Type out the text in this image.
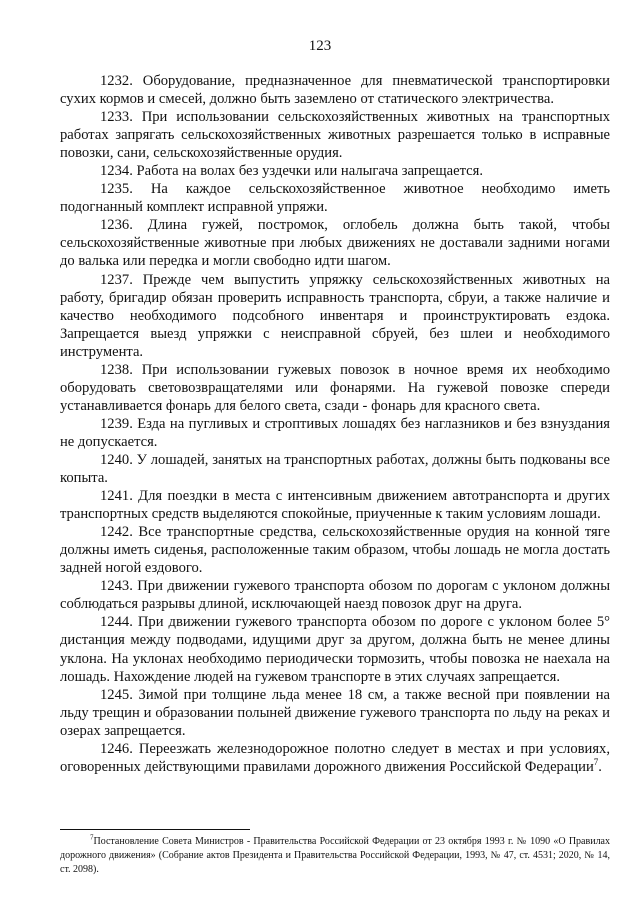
123

1232. Оборудование, предназначенное для пневматической транспортировки сухих кормов и смесей, должно быть заземлено от статического электричества.

1233. При использовании сельскохозяйственных животных на транспортных работах запрягать сельскохозяйственных животных разрешается только в исправные повозки, сани, сельскохозяйственные орудия.

1234. Работа на волах без уздечки или налыгача запрещается.

1235. На каждое сельскохозяйственное животное необходимо иметь подогнанный комплект исправной упряжи.

1236. Длина гужей, постромок, оглобель должна быть такой, чтобы сельскохозяйственные животные при любых движениях не доставали задними ногами до валька или передка и могли свободно идти шагом.

1237. Прежде чем выпустить упряжку сельскохозяйственных животных на работу, бригадир обязан проверить исправность транспорта, сбруи, а также наличие и качество необходимого подсобного инвентаря и проинструктировать ездока. Запрещается выезд упряжки с неисправной сбруей, без шлеи и необходимого инструмента.

1238. При использовании гужевых повозок в ночное время их необходимо оборудовать световозвращателями или фонарями. На гужевой повозке спереди устанавливается фонарь для белого света, сзади - фонарь для красного света.

1239. Езда на пугливых и строптивых лошадях без наглазников и без взнуздания не допускается.

1240. У лошадей, занятых на транспортных работах, должны быть подкованы все копыта.

1241. Для поездки в места с интенсивным движением автотранспорта и других транспортных средств выделяются спокойные, приученные к таким условиям лошади.

1242. Все транспортные средства, сельскохозяйственные орудия на конной тяге должны иметь сиденья, расположенные таким образом, чтобы лошадь не могла достать задней ногой ездового.

1243. При движении гужевого транспорта обозом по дорогам с уклоном должны соблюдаться разрывы длиной, исключающей наезд повозок друг на друга.

1244. При движении гужевого транспорта обозом по дороге с уклоном более 5° дистанция между подводами, идущими друг за другом, должна быть не менее длины уклона. На уклонах необходимо периодически тормозить, чтобы повозка не наехала на лошадь. Нахождение людей на гужевом транспорте в этих случаях запрещается.

1245. Зимой при толщине льда менее 18 см, а также весной при появлении на льду трещин и образовании полыней движение гужевого транспорта по льду на реках и озерах запрещается.

1246. Переезжать железнодорожное полотно следует в местах и при условиях, оговоренных действующими правилами дорожного движения Российской Федерации$^7$.

$^7$Постановление Совета Министров - Правительства Российской Федерации от 23 октября 1993 г. № 1090 «О Правилах дорожного движения» (Собрание актов Президента и Правительства Российской Федерации, 1993, № 47, ст. 4531; 2020, № 14, ст. 2098).
